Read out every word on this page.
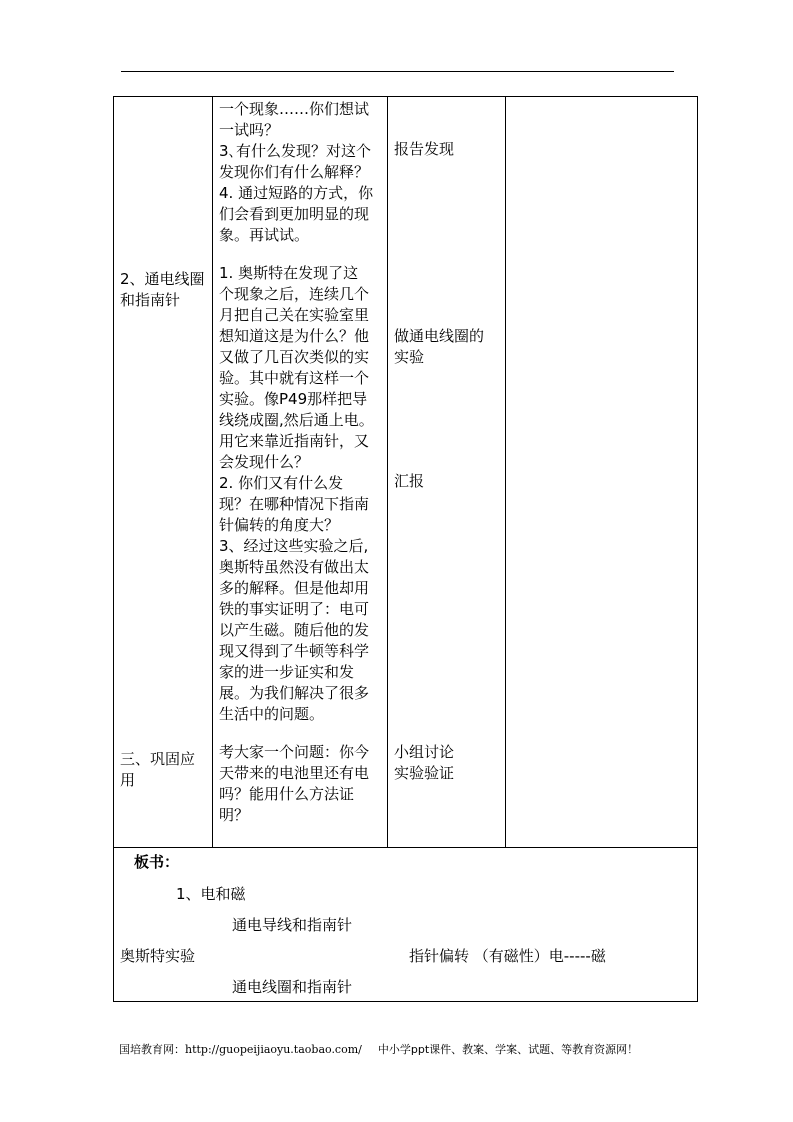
2、通电线圈
和指南针
三、巩固应
用
一个现象……你们想试
一试吗？
3､有什么发现？对这个
发现你们有什么解释？
4. 通过短路的方式，你
们会看到更加明显的现
象。再试试。
1. 奥斯特在发现了这
个现象之后，连续几个
月把自己关在实验室里
想知道这是为什么？他
又做了几百次类似的实
验。其中就有这样一个
实验。像P49那样把导
线绕成圈,然后通上电。
用它来靠近指南针，又
会发现什么？
2. 你们又有什么发
现？在哪种情况下指南
针偏转的角度大？
3、经过这些实验之后,
奥斯特虽然没有做出太
多的解释。但是他却用
铁的事实证明了：电可
以产生磁。随后他的发
现又得到了牛顿等科学
家的进一步证实和发
展。为我们解决了很多
生活中的问题。
考大家一个问题：你今
天带来的电池里还有电
吗？能用什么方法证
明？
报告发现
做通电线圈的
实验
汇报
小组讨论
实验验证
板书：
1、电和磁
通电导线和指南针
奥斯特实验	指针偏转 （有磁性）电-----磁
通电线圈和指南针
国培教育网：http://guopeijiaoyu.taobao.com/ 中小学ppt课件、教案、学案、试题、等教育资源网！
